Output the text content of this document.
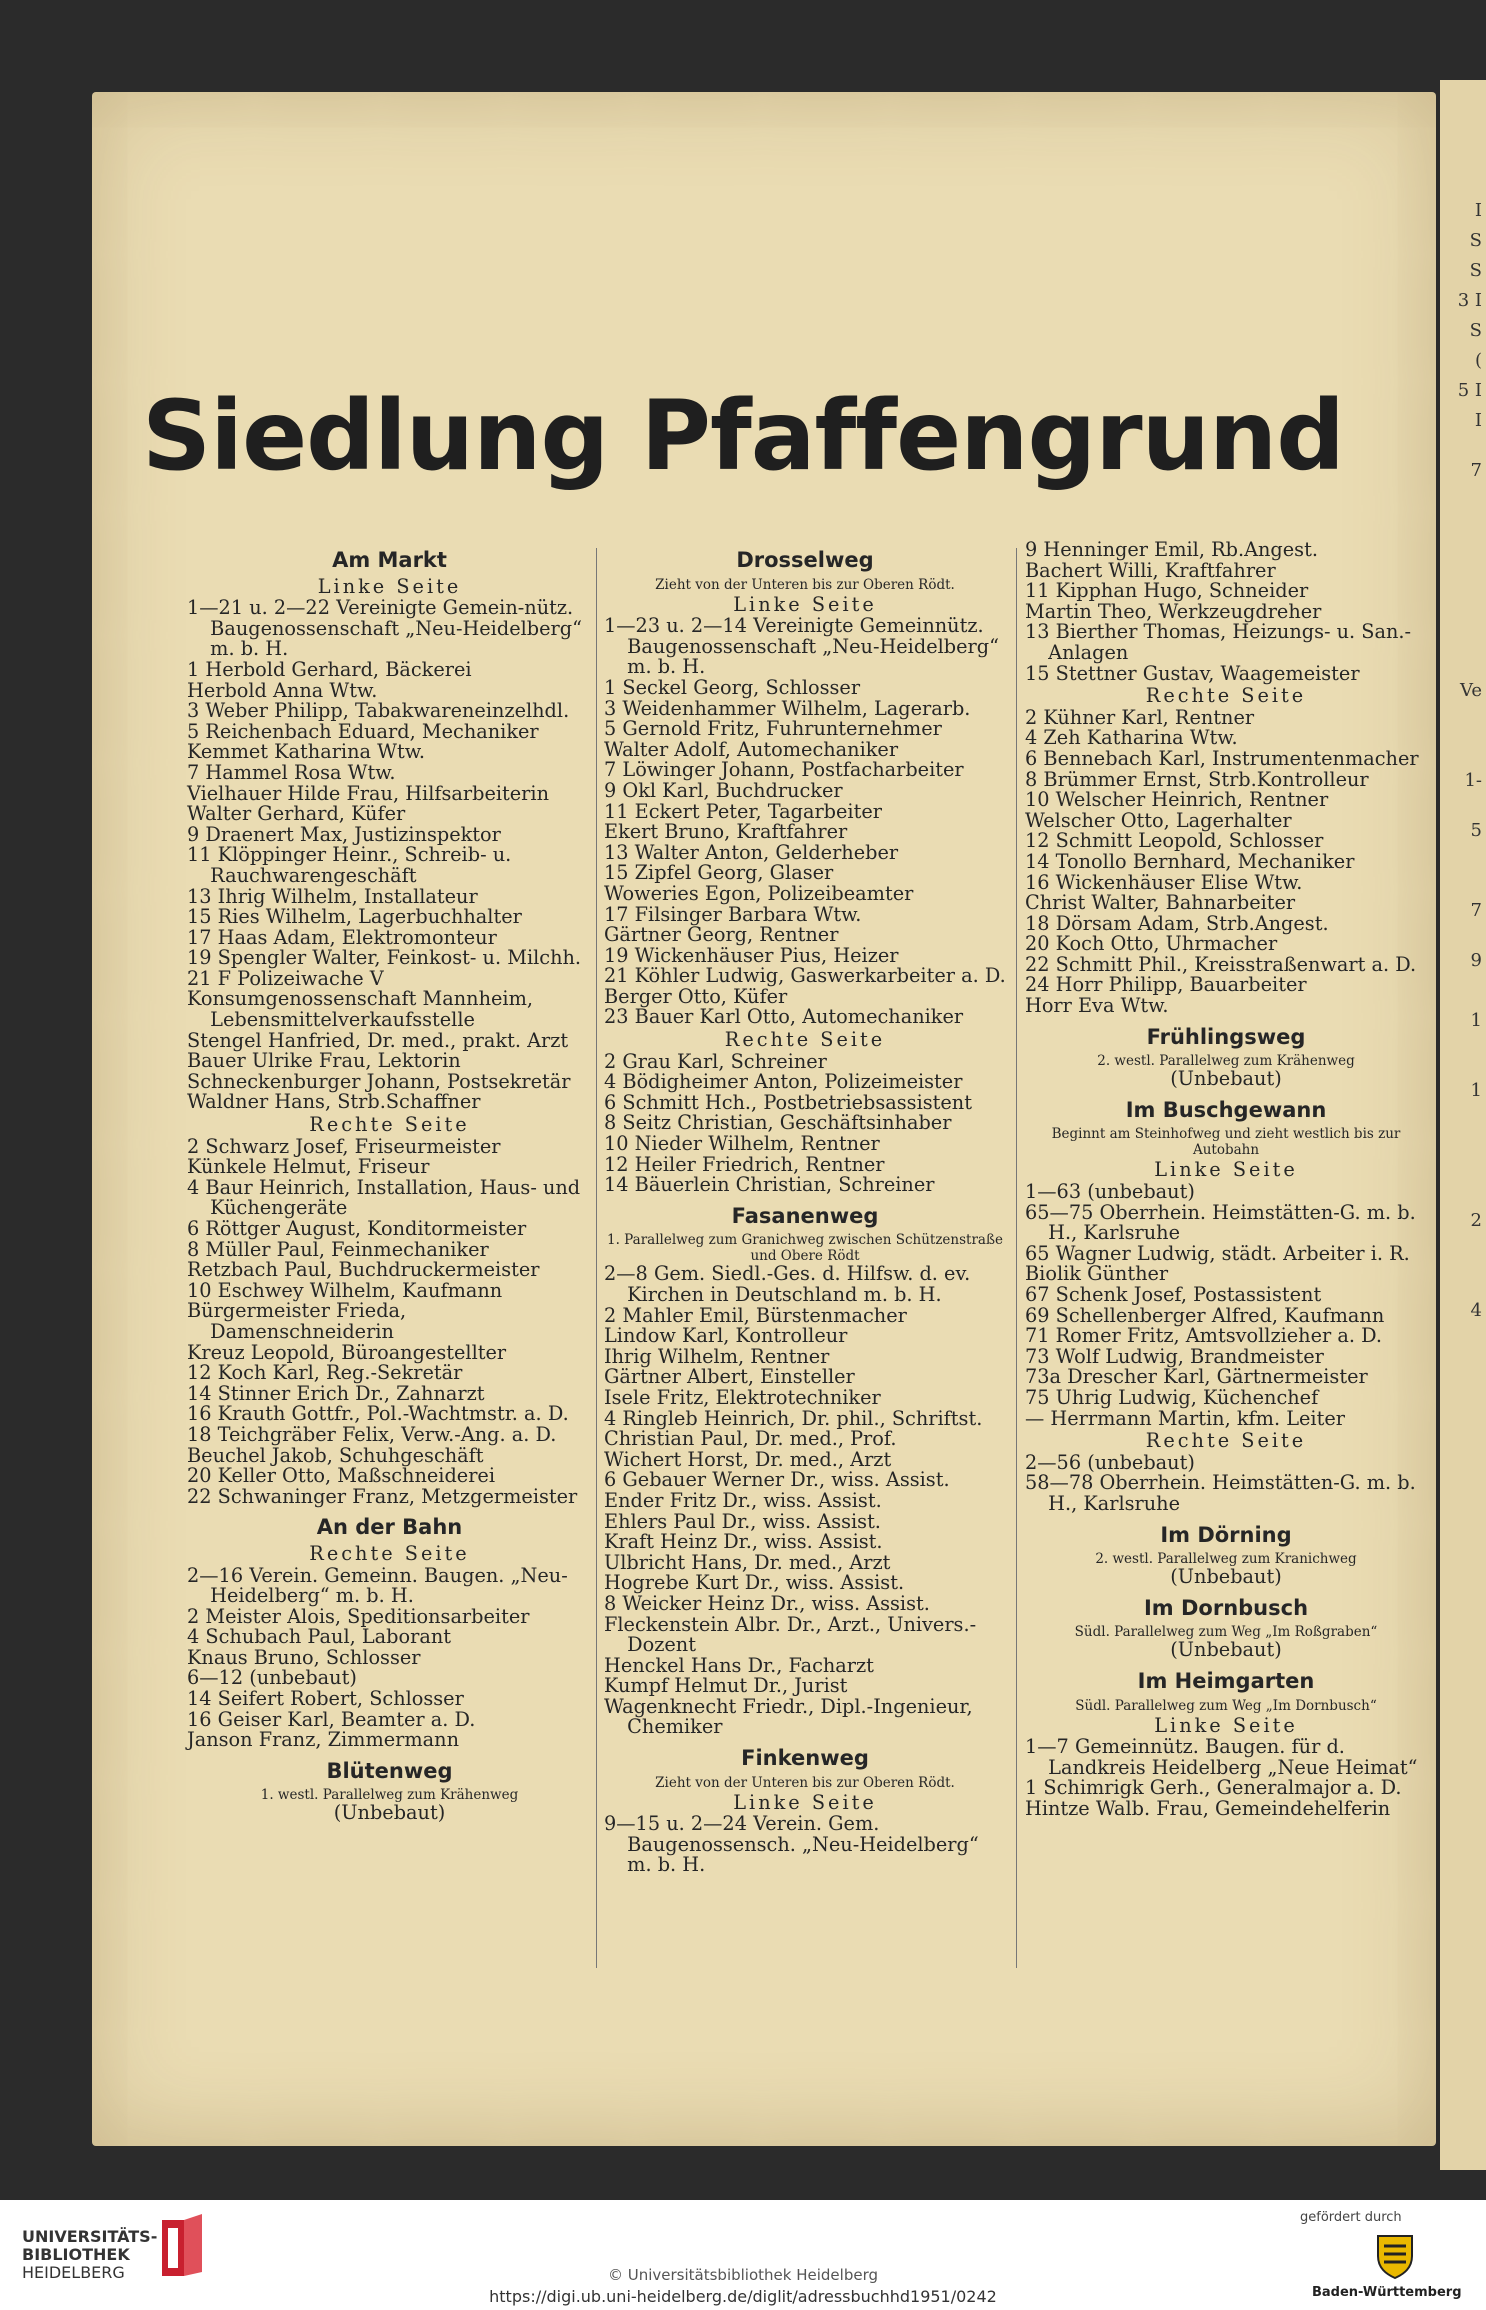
I
S
S
3 I
S
(
5 I
I
7
Ve
1-
5
7
9
1
1
2
4
Siedlung Pfaffengrund
Am Markt
Linke Seite
1—21 u. 2—22 Vereinigte Gemein-nütz. Baugenossenschaft „Neu-Heidelberg“ m. b. H.
1 Herbold Gerhard, Bäckerei
Herbold Anna Wtw.
3 Weber Philipp, Tabakwareneinzelhdl.
5 Reichenbach Eduard, Mechaniker
Kemmet Katharina Wtw.
7 Hammel Rosa Wtw.
Vielhauer Hilde Frau, Hilfsarbeiterin
Walter Gerhard, Küfer
9 Draenert Max, Justizinspektor
11 Klöppinger Heinr., Schreib- u. Rauchwarengeschäft
13 Ihrig Wilhelm, Installateur
15 Ries Wilhelm, Lagerbuchhalter
17 Haas Adam, Elektromonteur
19 Spengler Walter, Feinkost- u. Milchh.
21 F Polizeiwache V
Konsumgenossenschaft Mannheim, Lebensmittelverkaufsstelle
Stengel Hanfried, Dr. med., prakt. Arzt
Bauer Ulrike Frau, Lektorin
Schneckenburger Johann, Postsekretär
Waldner Hans, Strb.Schaffner
Rechte Seite
2 Schwarz Josef, Friseurmeister
Künkele Helmut, Friseur
4 Baur Heinrich, Installation, Haus- und Küchengeräte
6 Röttger August, Konditormeister
8 Müller Paul, Feinmechaniker
Retzbach Paul, Buchdruckermeister
10 Eschwey Wilhelm, Kaufmann
Bürgermeister Frieda, Damenschneiderin
Kreuz Leopold, Büroangestellter
12 Koch Karl, Reg.-Sekretär
14 Stinner Erich Dr., Zahnarzt
16 Krauth Gottfr., Pol.-Wachtmstr. a. D.
18 Teichgräber Felix, Verw.-Ang. a. D.
Beuchel Jakob, Schuhgeschäft
20 Keller Otto, Maßschneiderei
22 Schwaninger Franz, Metzgermeister
An der Bahn
Rechte Seite
2—16 Verein. Gemeinn. Baugen. „Neu-Heidelberg“ m. b. H.
2 Meister Alois, Speditionsarbeiter
4 Schubach Paul, Laborant
Knaus Bruno, Schlosser
6—12 (unbebaut)
14 Seifert Robert, Schlosser
16 Geiser Karl, Beamter a. D.
Janson Franz, Zimmermann
Blütenweg
1. westl. Parallelweg zum Krähenweg
(Unbebaut)
Drosselweg
Zieht von der Unteren bis zur Oberen Rödt.
Linke Seite
1—23 u. 2—14 Vereinigte Gemeinnütz. Baugenossenschaft „Neu-Heidelberg“ m. b. H.
1 Seckel Georg, Schlosser
3 Weidenhammer Wilhelm, Lagerarb.
5 Gernold Fritz, Fuhrunternehmer
Walter Adolf, Automechaniker
7 Löwinger Johann, Postfacharbeiter
9 Okl Karl, Buchdrucker
11 Eckert Peter, Tagarbeiter
Ekert Bruno, Kraftfahrer
13 Walter Anton, Gelderheber
15 Zipfel Georg, Glaser
Woweries Egon, Polizeibeamter
17 Filsinger Barbara Wtw.
Gärtner Georg, Rentner
19 Wickenhäuser Pius, Heizer
21 Köhler Ludwig, Gaswerkarbeiter a. D.
Berger Otto, Küfer
23 Bauer Karl Otto, Automechaniker
Rechte Seite
2 Grau Karl, Schreiner
4 Bödigheimer Anton, Polizeimeister
6 Schmitt Hch., Postbetriebsassistent
8 Seitz Christian, Geschäftsinhaber
10 Nieder Wilhelm, Rentner
12 Heiler Friedrich, Rentner
14 Bäuerlein Christian, Schreiner
Fasanenweg
1. Parallelweg zum Granichweg zwischen Schützenstraße und Obere Rödt
2—8 Gem. Siedl.-Ges. d. Hilfsw. d. ev. Kirchen in Deutschland m. b. H.
2 Mahler Emil, Bürstenmacher
Lindow Karl, Kontrolleur
Ihrig Wilhelm, Rentner
Gärtner Albert, Einsteller
Isele Fritz, Elektrotechniker
4 Ringleb Heinrich, Dr. phil., Schriftst.
Christian Paul, Dr. med., Prof.
Wichert Horst, Dr. med., Arzt
6 Gebauer Werner Dr., wiss. Assist.
Ender Fritz Dr., wiss. Assist.
Ehlers Paul Dr., wiss. Assist.
Kraft Heinz Dr., wiss. Assist.
Ulbricht Hans, Dr. med., Arzt
Hogrebe Kurt Dr., wiss. Assist.
8 Weicker Heinz Dr., wiss. Assist.
Fleckenstein Albr. Dr., Arzt., Univers.-Dozent
Henckel Hans Dr., Facharzt
Kumpf Helmut Dr., Jurist
Wagenknecht Friedr., Dipl.-Ingenieur, Chemiker
Finkenweg
Zieht von der Unteren bis zur Oberen Rödt.
Linke Seite
9—15 u. 2—24 Verein. Gem. Baugenossensch. „Neu-Heidelberg“ m. b. H.
9 Henninger Emil, Rb.Angest.
Bachert Willi, Kraftfahrer
11 Kipphan Hugo, Schneider
Martin Theo, Werkzeugdreher
13 Bierther Thomas, Heizungs- u. San.-Anlagen
15 Stettner Gustav, Waagemeister
Rechte Seite
2 Kühner Karl, Rentner
4 Zeh Katharina Wtw.
6 Bennebach Karl, Instrumentenmacher
8 Brümmer Ernst, Strb.Kontrolleur
10 Welscher Heinrich, Rentner
Welscher Otto, Lagerhalter
12 Schmitt Leopold, Schlosser
14 Tonollo Bernhard, Mechaniker
16 Wickenhäuser Elise Wtw.
Christ Walter, Bahnarbeiter
18 Dörsam Adam, Strb.Angest.
20 Koch Otto, Uhrmacher
22 Schmitt Phil., Kreisstraßenwart a. D.
24 Horr Philipp, Bauarbeiter
Horr Eva Wtw.
Frühlingsweg
2. westl. Parallelweg zum Krähenweg
(Unbebaut)
Im Buschgewann
Beginnt am Steinhofweg und zieht westlich bis zur Autobahn
Linke Seite
1—63 (unbebaut)
65—75 Oberrhein. Heimstätten-G. m. b. H., Karlsruhe
65 Wagner Ludwig, städt. Arbeiter i. R.
Biolik Günther
67 Schenk Josef, Postassistent
69 Schellenberger Alfred, Kaufmann
71 Romer Fritz, Amtsvollzieher a. D.
73 Wolf Ludwig, Brandmeister
73a Drescher Karl, Gärtnermeister
75 Uhrig Ludwig, Küchenchef
— Herrmann Martin, kfm. Leiter
Rechte Seite
2—56 (unbebaut)
58—78 Oberrhein. Heimstätten-G. m. b. H., Karlsruhe
Im Dörning
2. westl. Parallelweg zum Kranichweg
(Unbebaut)
Im Dornbusch
Südl. Parallelweg zum Weg „Im Roßgraben“
(Unbebaut)
Im Heimgarten
Südl. Parallelweg zum Weg „Im Dornbusch“
Linke Seite
1—7 Gemeinnütz. Baugen. für d. Landkreis Heidelberg „Neue Heimat“
1 Schimrigk Gerh., Generalmajor a. D.
Hintze Walb. Frau, Gemeindehelferin
UNIVERSITÄTS-
BIBLIOTHEK
HEIDELBERG	© Universitätsbibliothek Heidelberg
https://digi.ub.uni-heidelberg.de/diglit/adressbuchhd1951/0242
gefördert durch
Baden-Württemberg
